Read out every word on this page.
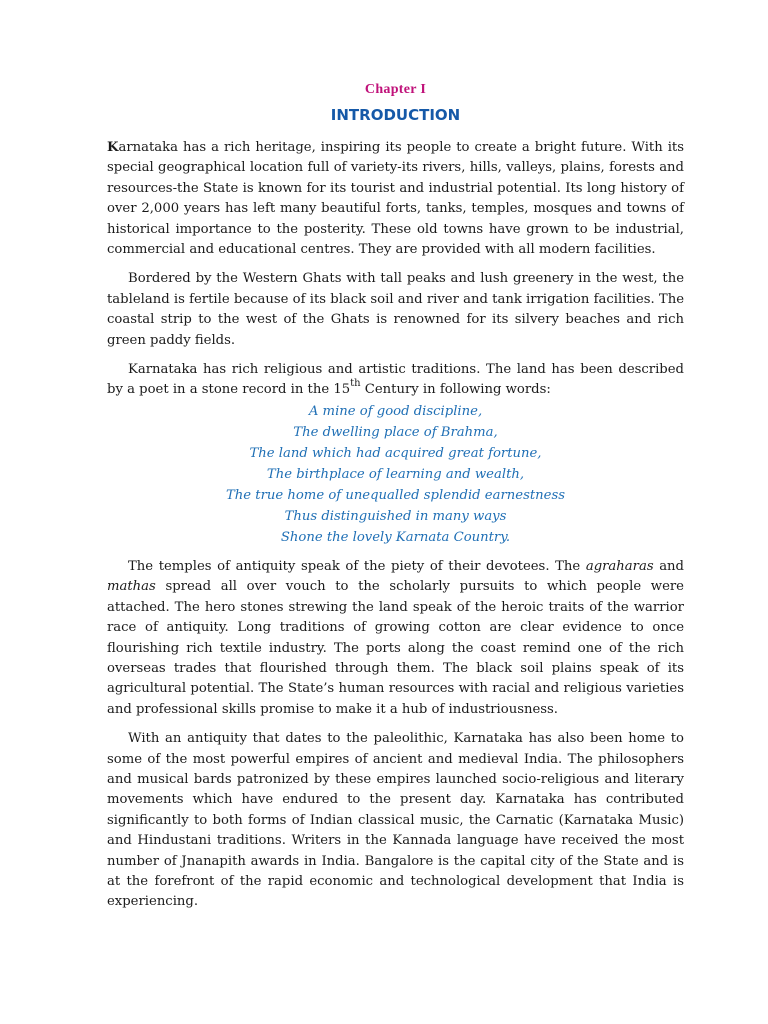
Chapter I
INTRODUCTION

Karnataka has a rich heritage, inspiring its people to create a bright future. With its special geographical location full of variety-its rivers, hills, valleys, plains, forests and resources-the State is known for its tourist and industrial potential. Its long history of over 2,000 years has left many beautiful forts, tanks, temples, mosques and towns of historical importance to the posterity. These old towns have grown to be industrial, commercial and educational centres. They are provided with all modern facilities.

Bordered by the Western Ghats with tall peaks and lush greenery in the west, the tableland is fertile because of its black soil and river and tank irrigation facilities. The coastal strip to the west of the Ghats is renowned for its silvery beaches and rich green paddy fields.

Karnataka has rich religious and artistic traditions. The land has been described by a poet in a stone record in the 15th Century in following words:

A mine of good discipline,
The dwelling place of Brahma,
The land which had acquired great fortune,
The birthplace of learning and wealth,
The true home of unequalled splendid earnestness
Thus distinguished in many ways
Shone the lovely Karnata Country.

The temples of antiquity speak of the piety of their devotees. The agraharas and mathas spread all over vouch to the scholarly pursuits to which people were attached. The hero stones strewing the land speak of the heroic traits of the warrior race of antiquity. Long traditions of growing cotton are clear evidence to once flourishing rich textile industry. The ports along the coast remind one of the rich overseas trades that flourished through them. The black soil plains speak of its agricultural potential. The State’s human resources with racial and religious varieties and professional skills promise to make it a hub of industriousness.

With an antiquity that dates to the paleolithic, Karnataka has also been home to some of the most powerful empires of ancient and medieval India. The philosophers and musical bards patronized by these empires launched socio-religious and literary movements which have endured to the present day. Karnataka has contributed significantly to both forms of Indian classical music, the Carnatic (Karnataka Music) and Hindustani traditions. Writers in the Kannada language have received the most number of Jnanapith awards in India. Bangalore is the capital city of the State and is at the forefront of the rapid economic and technological development that India is experiencing.
